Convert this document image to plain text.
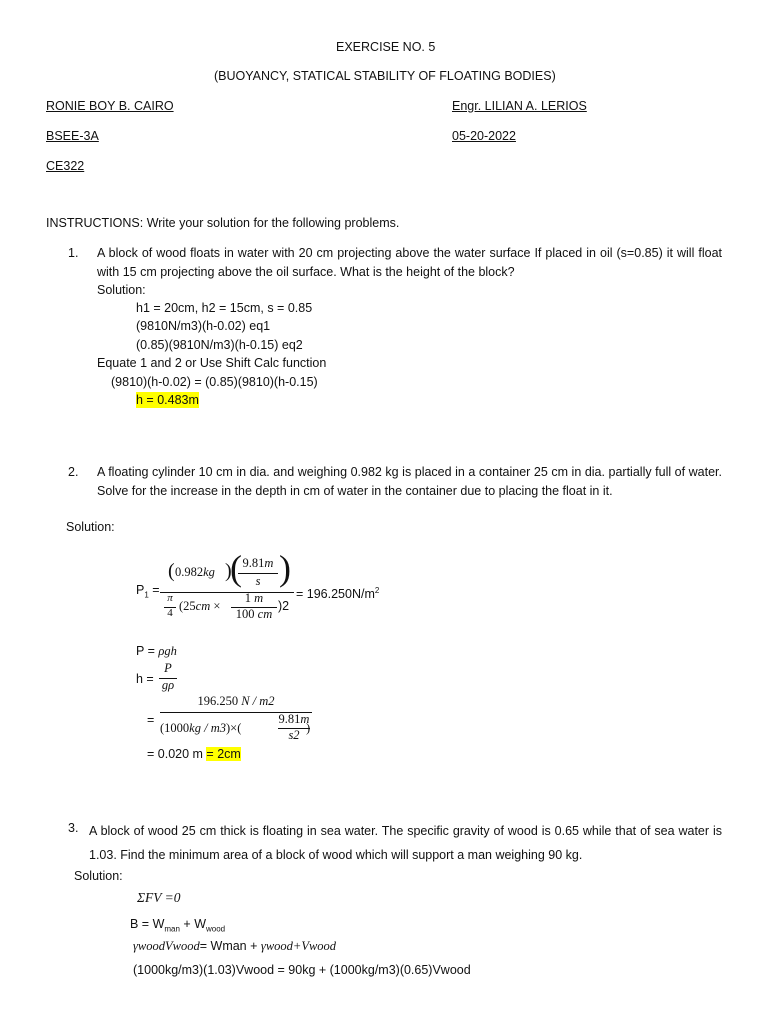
EXERCISE NO. 5
(BUOYANCY, STATICAL STABILITY OF FLOATING BODIES)
RONIE BOY B. CAIRO	Engr. LILIAN A. LERIOS
BSEE-3A	05-20-2022
CE322
INSTRUCTIONS: Write your solution for the following problems.
1. A block of wood floats in water with 20 cm projecting above the water surface If placed in oil (s=0.85) it will float with 15 cm projecting above the oil surface. What is the height of the block?
Solution:
h1 = 20cm, h2 = 15cm, s = 0.85
(9810N/m3)(h-0.02) eq1
(0.85)(9810N/m3)(h-0.15) eq2
Equate 1 and 2 or Use Shift Calc function
(9810)(h-0.02) = (0.85)(9810)(h-0.15)
h = 0.483m
2. A floating cylinder 10 cm in dia. and weighing 0.982 kg is placed in a container 25 cm in dia. partially full of water. Solve for the increase in the depth in cm of water in the container due to placing the float in it.
Solution:
$P_1$ =
( 0.982kg )
( 9.81m
s )
π
4 (25cm ×
1 m
100 cm
)2
= $196.250N/m^2$
P = ρgh
h =
P
gρ
196.250 N / m2
=
(1000kg / m3)×(
9.81m
s2 )
= 0.020 m = 2cm
3. A block of wood 25 cm thick is floating in sea water. The specific gravity of wood is 0.65 while that of sea water is 1.03. Find the minimum area of a block of wood which will support a man weighing 90 kg.
Solution:
ΣFV =0
$B = W_{man} + W_{wood}$
γwoodVwood= Wman + γwood+Vwood
(1000kg/m3)(1.03)Vwood = 90kg + (1000kg/m3)(0.65)Vwood
